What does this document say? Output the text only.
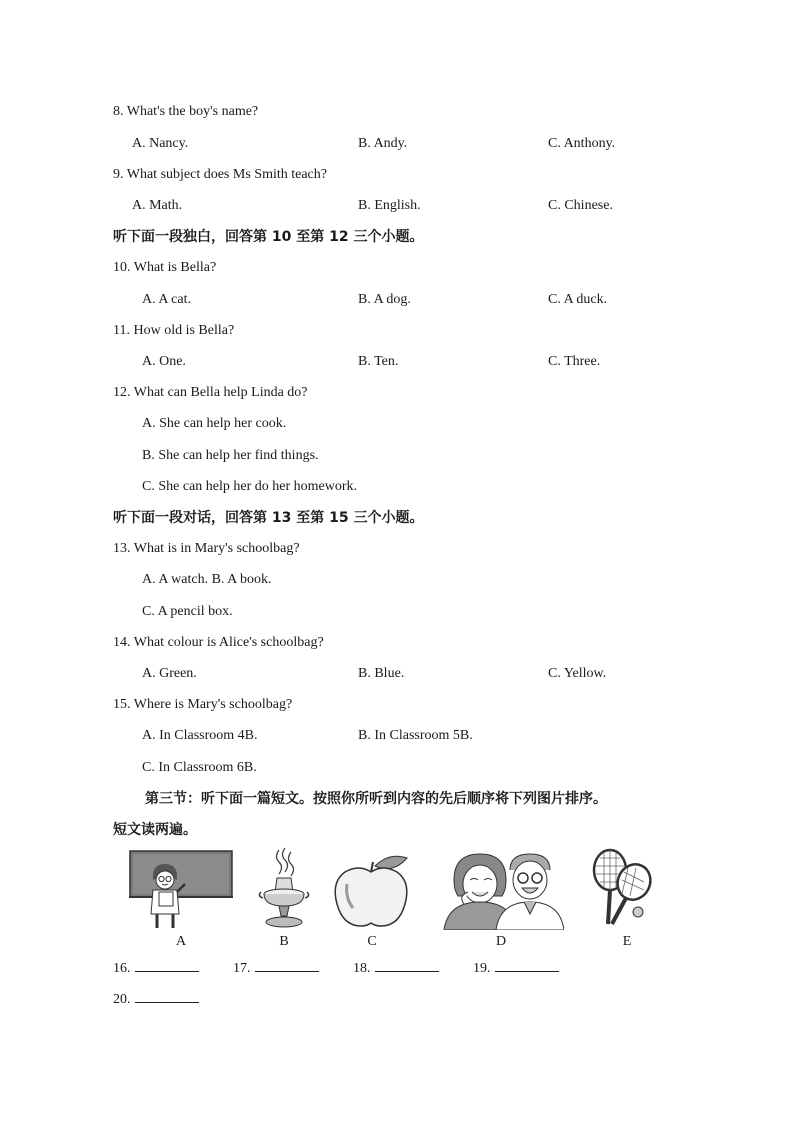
8. What's the boy's name?
A. Nancy.	B. Andy.	C. Anthony.
9. What subject does Ms Smith teach?
A. Math.	B. English.	C. Chinese.
听下面一段独白，回答第 10 至第 12 三个小题。
10. What is Bella?
A. A cat.	B. A dog.	C. A duck.
11. How old is Bella?
A. One.	B. Ten.	C. Three.
12. What can Bella help Linda do?
A. She can help her cook.
B. She can help her find things.
C. She can help her do her homework.
听下面一段对话，回答第 13 至第 15 三个小题。
13. What is in Mary's schoolbag?
A. A watch. B. A book.
C. A pencil box.
14. What colour is Alice's schoolbag?
A. Green.	B. Blue.	C. Yellow.
15. Where is Mary's schoolbag?
A. In Classroom 4B.	B. In Classroom 5B.
C. In Classroom 6B.
第三节：听下面一篇短文。按照你所听到内容的先后顺序将下列图片排序。
短文读两遍。
A	B	C	D	E
16.	17.	18.	19.
20.
